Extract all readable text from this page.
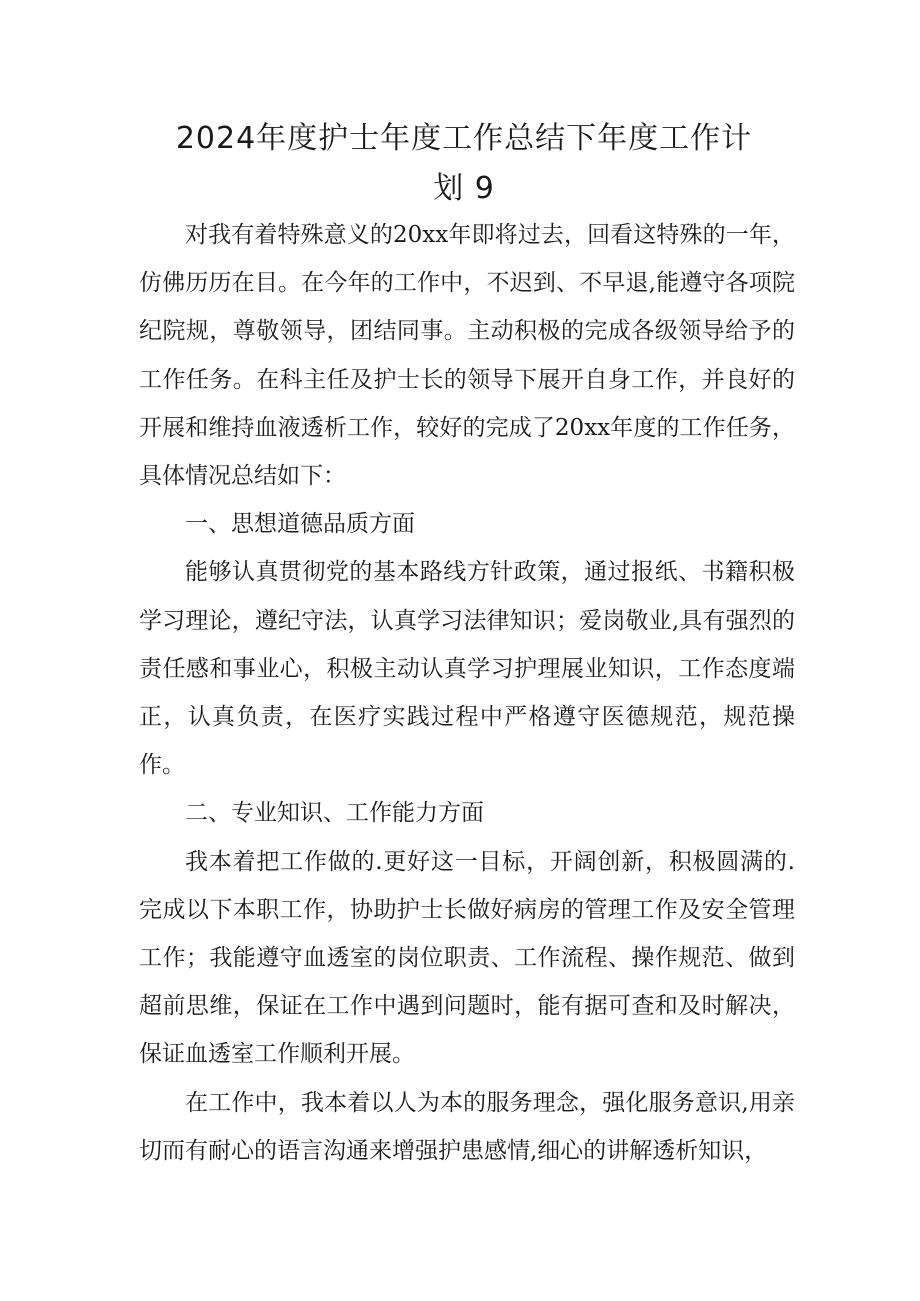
2024年度护士年度工作总结下年度工作计
划 9

对我有着特殊意义的20xx年即将过去，回看这特殊的一年，仿佛历历在目。在今年的工作中，不迟到、不早退,能遵守各项院纪院规，尊敬领导，团结同事。主动积极的完成各级领导给予的工作任务。在科主任及护士长的领导下展开自身工作，并良好的开展和维持血液透析工作，较好的完成了20xx年度的工作任务，具体情况总结如下：

一、思想道德品质方面

能够认真贯彻党的基本路线方针政策，通过报纸、书籍积极学习理论，遵纪守法，认真学习法律知识；爱岗敬业,具有强烈的责任感和事业心，积极主动认真学习护理展业知识，工作态度端正，认真负责，在医疗实践过程中严格遵守医德规范，规范操作。

二、专业知识、工作能力方面

我本着把工作做的.更好这一目标，开阔创新，积极圆满的.完成以下本职工作，协助护士长做好病房的管理工作及安全管理工作；我能遵守血透室的岗位职责、工作流程、操作规范、做到超前思维，保证在工作中遇到问题时，能有据可查和及时解决，保证血透室工作顺利开展。

在工作中，我本着以人为本的服务理念，强化服务意识,用亲切而有耐心的语言沟通来增强护患感情,细心的讲解透析知识，
